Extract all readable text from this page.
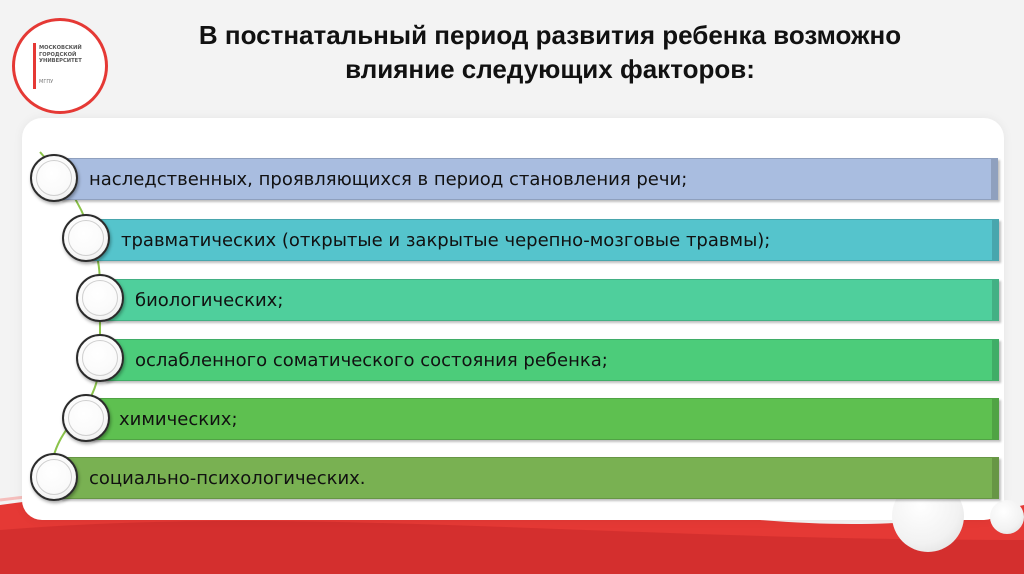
МОСКОВСКИЙ
ГОРОДСКОЙ
УНИВЕРСИТЕТ
МГПУ
В постнатальный период развития ребенка возможно
влияние следующих факторов:
наследственных, проявляющихся в период становления речи;
травматических (открытые и закрытые черепно-мозговые травмы);
биологических;
ослабленного соматического состояния ребенка;
химических;
социально-психологических.
